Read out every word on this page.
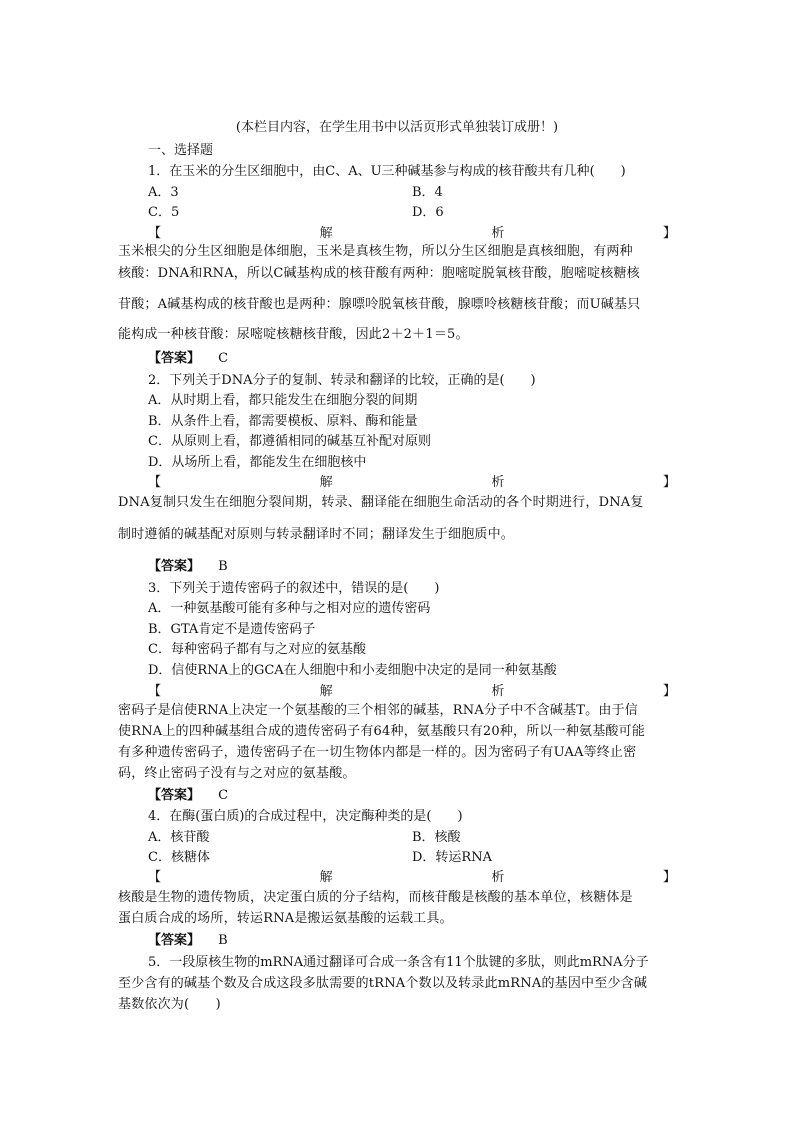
(本栏目内容，在学生用书中以活页形式单独装订成册！)
一、选择题
1．在玉米的分生区细胞中，由C、A、U三种碱基参与构成的核苷酸共有几种(　　)
A．3	B．4
C．5	D．6
【	解	析	】
玉米根尖的分生区细胞是体细胞，玉米是真核生物，所以分生区细胞是真核细胞，有两种
核酸：DNA和RNA，所以C碱基构成的核苷酸有两种：胞嘧啶脱氧核苷酸，胞嘧啶核糖核
苷酸；A碱基构成的核苷酸也是两种：腺嘌呤脱氧核苷酸，腺嘌呤核糖核苷酸；而U碱基只
能构成一种核苷酸：尿嘧啶核糖核苷酸，因此2＋2＋1＝5。
【答案】 C
2．下列关于DNA分子的复制、转录和翻译的比较，正确的是(　　)
A．从时期上看，都只能发生在细胞分裂的间期
B．从条件上看，都需要模板、原料、酶和能量
C．从原则上看，都遵循相同的碱基互补配对原则
D．从场所上看，都能发生在细胞核中
【	解	析	】
DNA复制只发生在细胞分裂间期，转录、翻译能在细胞生命活动的各个时期进行，DNA复
制时遵循的碱基配对原则与转录翻译时不同；翻译发生于细胞质中。
【答案】 B
3．下列关于遗传密码子的叙述中，错误的是(　　)
A．一种氨基酸可能有多种与之相对应的遗传密码
B．GTA肯定不是遗传密码子
C．每种密码子都有与之对应的氨基酸
D．信使RNA上的GCA在人细胞中和小麦细胞中决定的是同一种氨基酸
【	解	析	】
密码子是信使RNA上决定一个氨基酸的三个相邻的碱基，RNA分子中不含碱基T。由于信
使RNA上的四种碱基组合成的遗传密码子有64种，氨基酸只有20种，所以一种氨基酸可能
有多种遗传密码子，遗传密码子在一切生物体内都是一样的。因为密码子有UAA等终止密
码，终止密码子没有与之对应的氨基酸。
【答案】 C
4．在酶(蛋白质)的合成过程中，决定酶种类的是(　　)
A．核苷酸	B．核酸
C．核糖体	D．转运RNA
【	解	析	】
核酸是生物的遗传物质，决定蛋白质的分子结构，而核苷酸是核酸的基本单位，核糖体是
蛋白质合成的场所，转运RNA是搬运氨基酸的运载工具。
【答案】 B
5．一段原核生物的mRNA通过翻译可合成一条含有11个肽键的多肽，则此mRNA分子
至少含有的碱基个数及合成这段多肽需要的tRNA个数以及转录此mRNA的基因中至少含碱
基数依次为(　　)
